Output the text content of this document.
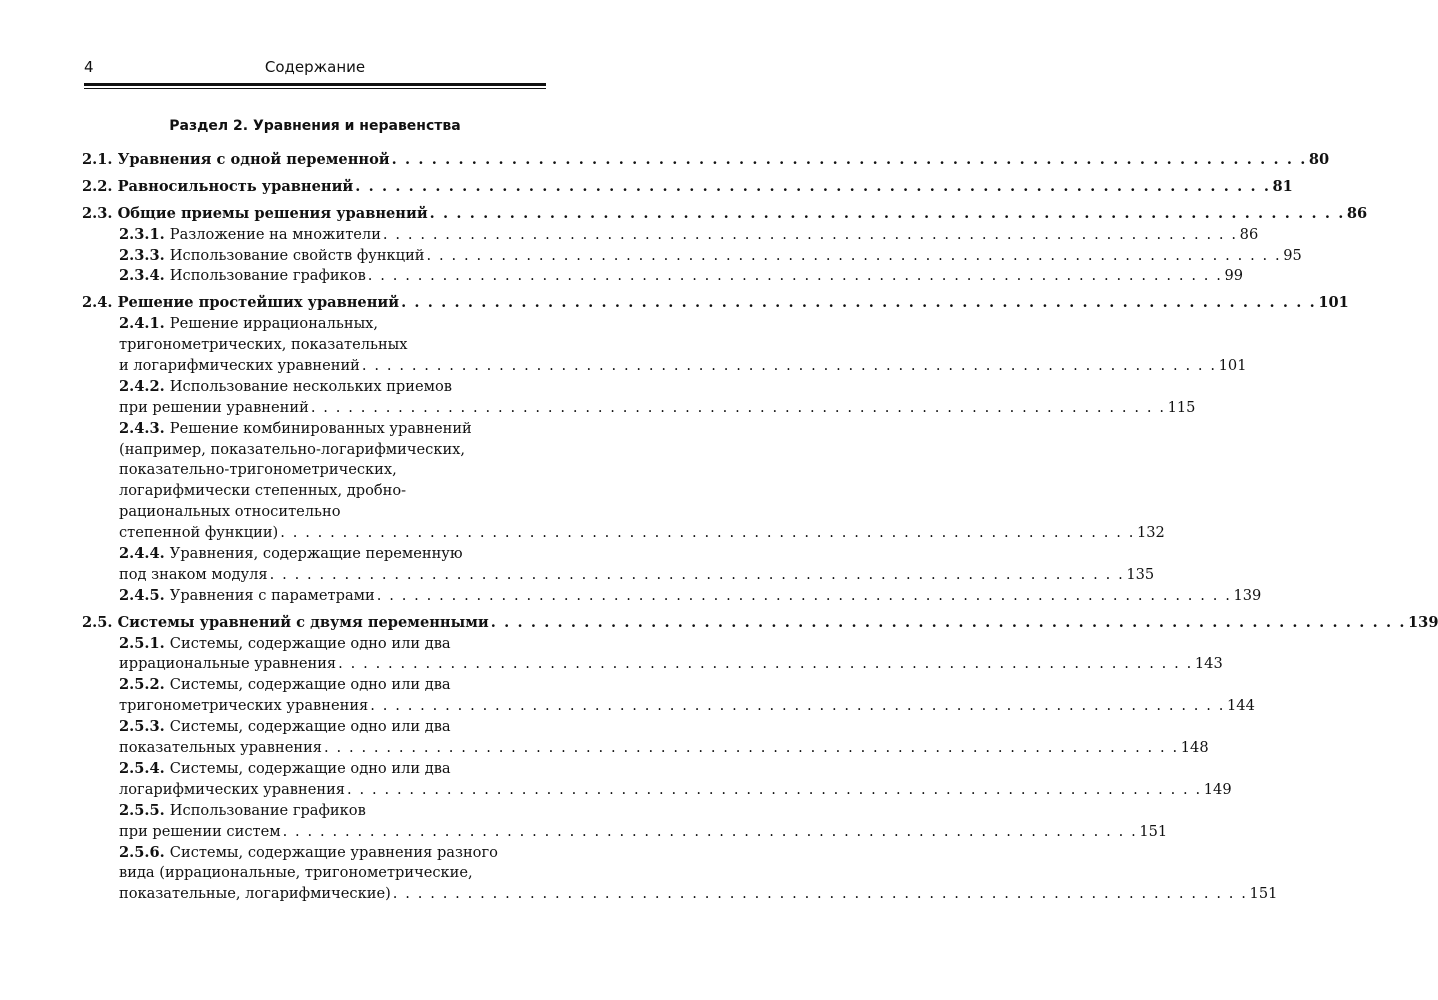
4	Содержание
Раздел 2. Уравнения и неравенства
2.1. Уравнения с одной переменной . . .	80
2.2. Равносильность уравнений . . .	81
2.3. Общие приемы решения уравнений . . .	86
2.3.1. Разложение на множители . . .	86
2.3.3. Использование свойств функций . . .	95
2.3.4. Использование графиков . . .	99
2.4. Решение простейших уравнений . . .	101
2.4.1. Решение иррациональных,
тригонометрических, показательных
и логарифмических уравнений . . .	101
2.4.2. Использование нескольких приемов
при решении уравнений . . .	115
2.4.3. Решение комбинированных уравнений
(например, показательно-логарифмических,
показательно-тригонометрических,
логарифмически степенных, дробно-
рациональных относительно
степенной функции) . . .	132
2.4.4. Уравнения, содержащие переменную
под знаком модуля . . .	135
2.4.5. Уравнения с параметрами . . .	139
2.5. Системы уравнений с двумя переменными . . .	139
2.5.1. Системы, содержащие одно или два
иррациональные уравнения . . .	143
2.5.2. Системы, содержащие одно или два
тригонометрических уравнения . . .	144
2.5.3. Системы, содержащие одно или два
показательных уравнения . . .	148
2.5.4. Системы, содержащие одно или два
логарифмических уравнения . . .	149
2.5.5. Использование графиков
при решении систем . . .	151
2.5.6. Системы, содержащие уравнения разного
вида (иррациональные, тригонометрические,
показательные, логарифмические) . . .	151
